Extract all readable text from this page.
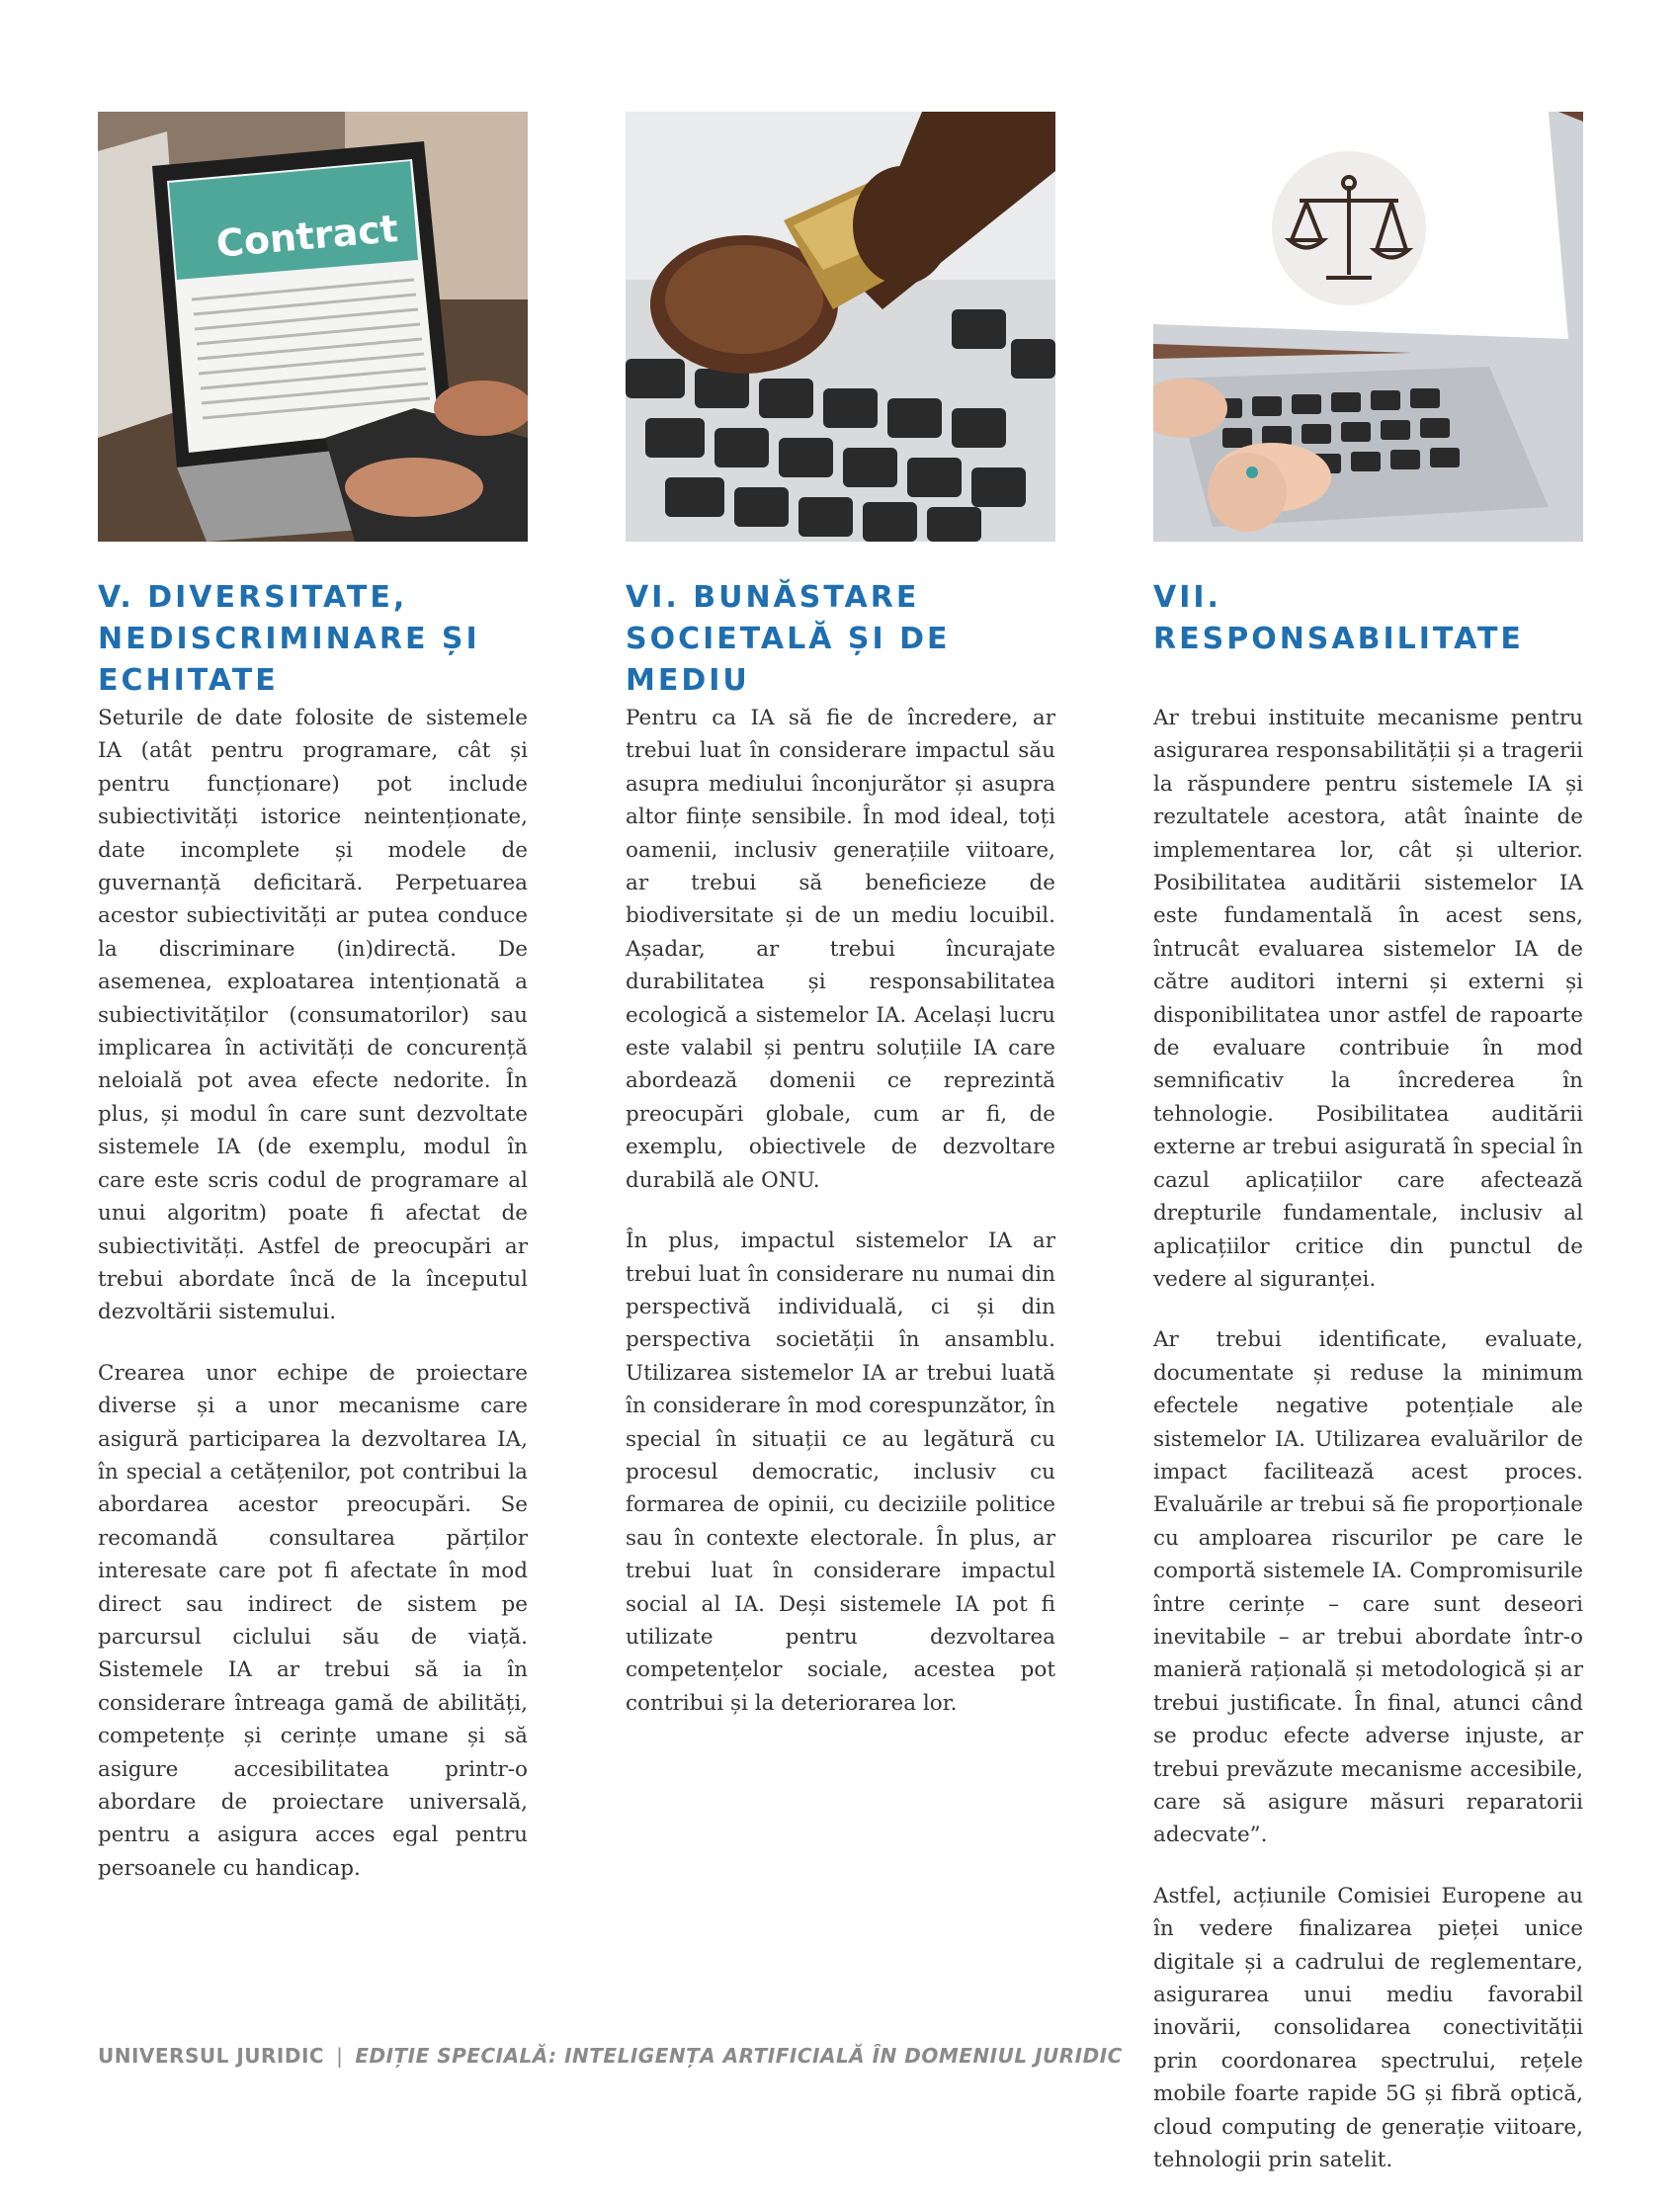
Contract
V. DIVERSITATE, NEDISCRIMINARE ȘI ECHITATE

Seturile de date folosite de sistemele IA (atât pentru programare, cât și pentru funcționare) pot include subiectivități istorice neintenționate, date incomplete și modele de guvernanță deficitară. Perpetuarea acestor subiectivități ar putea conduce la discriminare (in)directă. De asemenea, exploatarea intenționată a subiectivităților (consumatorilor) sau implicarea în activități de concurență neloială pot avea efecte nedorite. În plus, și modul în care sunt dezvoltate sistemele IA (de exemplu, modul în care este scris codul de programare al unui algoritm) poate fi afectat de subiectivități. Astfel de preocupări ar trebui abordate încă de la începutul dezvoltării sistemului.

Crearea unor echipe de proiectare diverse și a unor mecanisme care asigură participarea la dezvoltarea IA, în special a cetățenilor, pot contribui la abordarea acestor preocupări. Se recomandă consultarea părților interesate care pot fi afectate în mod direct sau indirect de sistem pe parcursul ciclului său de viață. Sistemele IA ar trebui să ia în considerare întreaga gamă de abilități, competențe și cerințe umane și să asigure accesibilitatea printr-o abordare de proiectare universală, pentru a asigura acces egal pentru persoanele cu handicap.

VI. BUNĂSTARE SOCIETALĂ ȘI DE MEDIU

Pentru ca IA să fie de încredere, ar trebui luat în considerare impactul său asupra mediului înconjurător și asupra altor ființe sensibile. În mod ideal, toți oamenii, inclusiv generațiile viitoare, ar trebui să beneficieze de biodiversitate și de un mediu locuibil. Așadar, ar trebui încurajate durabilitatea și responsabilitatea ecologică a sistemelor IA. Același lucru este valabil și pentru soluțiile IA care abordează domenii ce reprezintă preocupări globale, cum ar fi, de exemplu, obiectivele de dezvoltare durabilă ale ONU.

În plus, impactul sistemelor IA ar trebui luat în considerare nu numai din perspectivă individuală, ci și din perspectiva societății în ansamblu. Utilizarea sistemelor IA ar trebui luată în considerare în mod corespunzător, în special în situații ce au legătură cu procesul democratic, inclusiv cu formarea de opinii, cu deciziile politice sau în contexte electorale. În plus, ar trebui luat în considerare impactul social al IA. Deși sistemele IA pot fi utilizate pentru dezvoltarea competențelor sociale, acestea pot contribui și la deteriorarea lor.

VII. RESPONSABILITATE

Ar trebui instituite mecanisme pentru asigurarea responsabilității și a tragerii la răspundere pentru sistemele IA și rezultatele acestora, atât înainte de implementarea lor, cât și ulterior. Posibilitatea auditării sistemelor IA este fundamentală în acest sens, întrucât evaluarea sistemelor IA de către auditori interni și externi și disponibilitatea unor astfel de rapoarte de evaluare contribuie în mod semnificativ la încrederea în tehnologie. Posibilitatea auditării externe ar trebui asigurată în special în cazul aplicațiilor care afectează drepturile fundamentale, inclusiv al aplicațiilor critice din punctul de vedere al siguranței.

Ar trebui identificate, evaluate, documentate și reduse la minimum efectele negative potențiale ale sistemelor IA. Utilizarea evaluărilor de impact facilitează acest proces. Evaluările ar trebui să fie proporționale cu amploarea riscurilor pe care le comportă sistemele IA. Compromisurile între cerințe – care sunt deseori inevitabile – ar trebui abordate într-o manieră rațională și metodologică și ar trebui justificate. În final, atunci când se produc efecte adverse injuste, ar trebui prevăzute mecanisme accesibile, care să asigure măsuri reparatorii adecvate”.

Astfel, acțiunile Comisiei Europene au în vedere finalizarea pieței unice digitale și a cadrului de reglementare, asigurarea unui mediu favorabil inovării, consolidarea conectivității prin coordonarea spectrului, rețele mobile foarte rapide 5G și fibră optică, cloud computing de generație viitoare, tehnologii prin satelit.

UNIVERSUL JURIDIC | EDIȚIE SPECIALĂ: INTELIGENȚA ARTIFICIALĂ ÎN DOMENIUL JURIDIC
